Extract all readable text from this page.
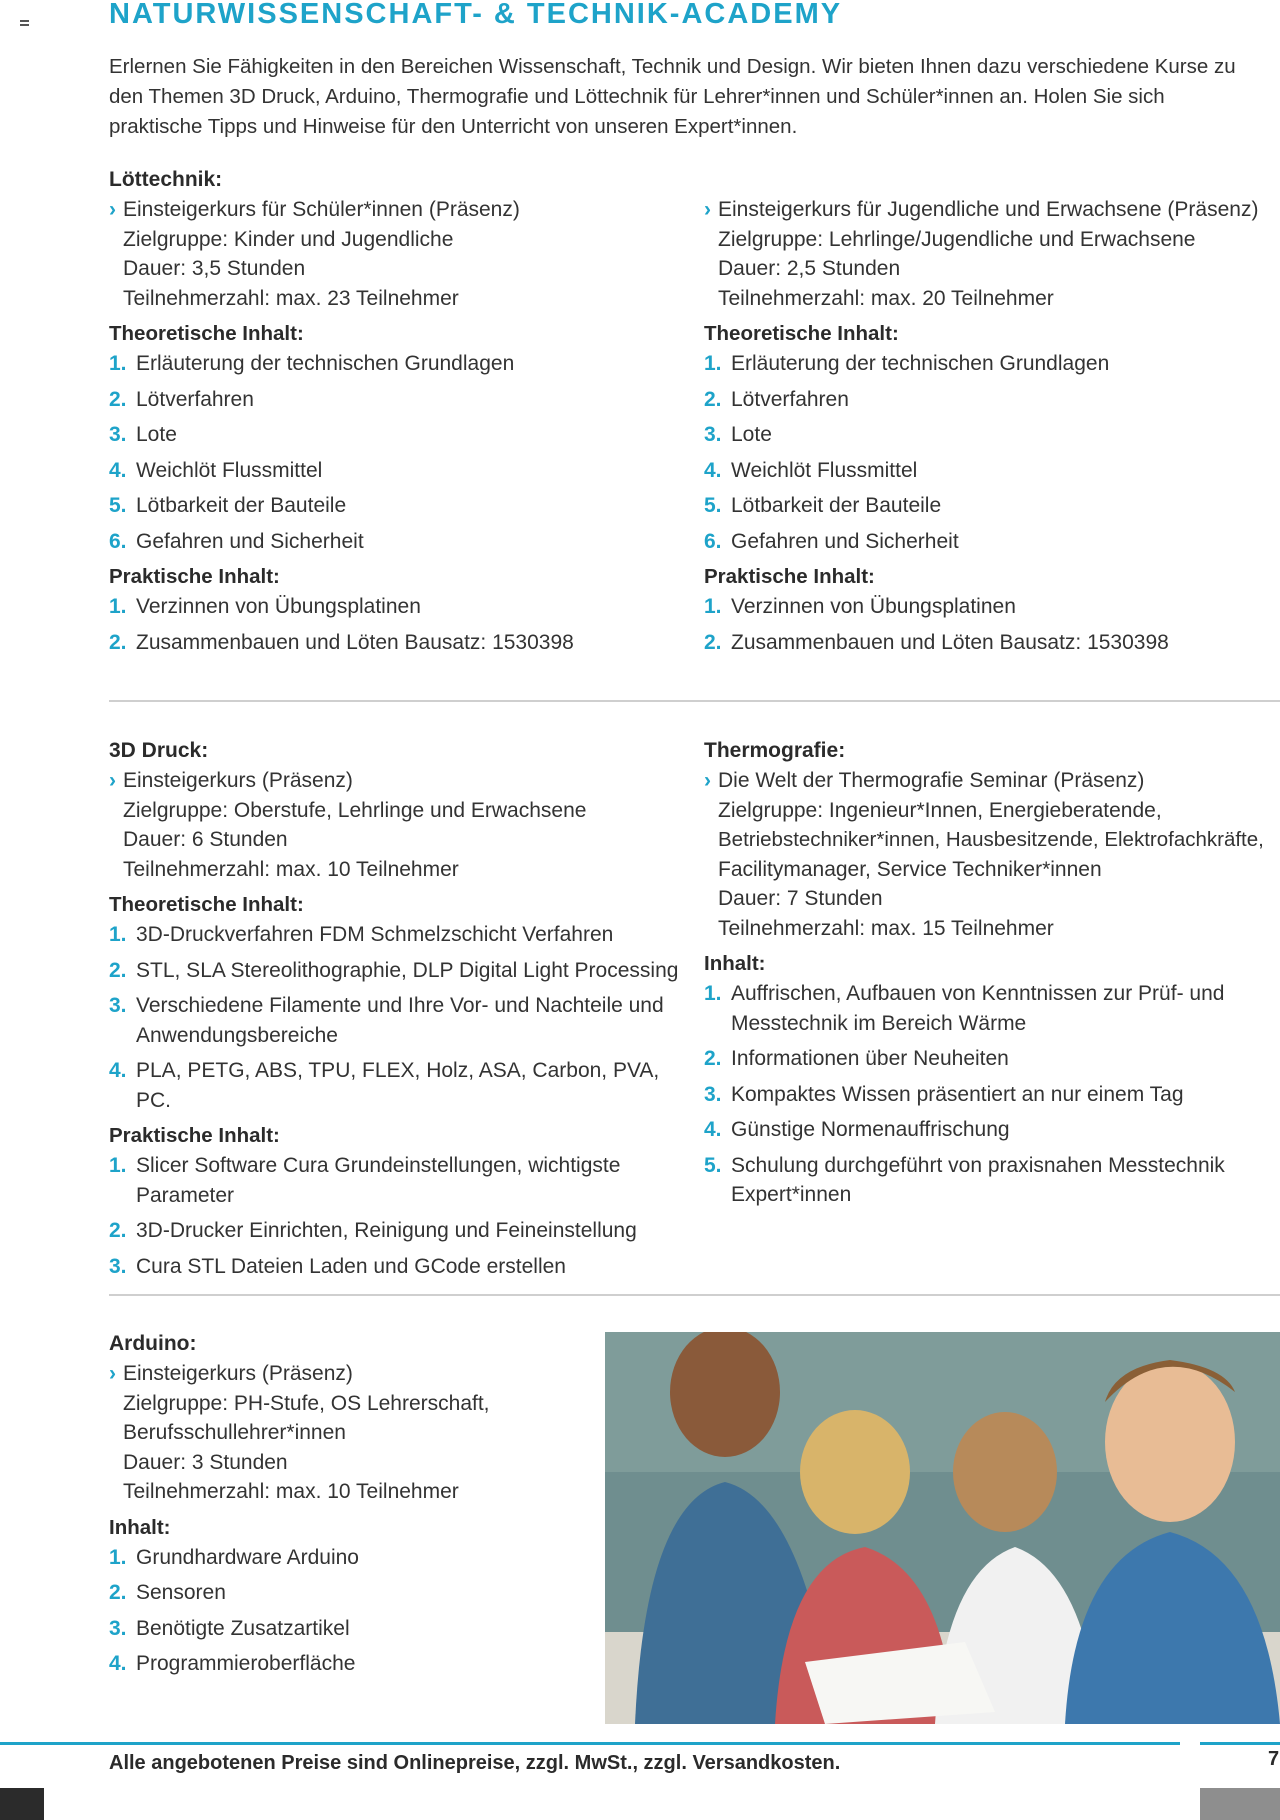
NATURWISSENSCHAFT- & TECHNIK-ACADEMY

Erlernen Sie Fähigkeiten in den Bereichen Wissenschaft, Technik und Design. Wir bieten Ihnen dazu verschiedene Kurse zu den Themen 3D Druck, Arduino, Thermografie und Löttechnik für Lehrer*innen und Schüler*innen an. Holen Sie sich praktische Tipps und Hinweise für den Unterricht von unseren Expert*innen.

Löttechnik:

› Einsteigerkurs für Schüler*innen (Präsenz)
Zielgruppe: Kinder und Jugendliche
Dauer: 3,5 Stunden
Teilnehmerzahl: max. 23 Teilnehmer

Theoretische Inhalt:

1. Erläuterung der technischen Grundlagen
2. Lötverfahren
3. Lote
4. Weichlöt Flussmittel
5. Lötbarkeit der Bauteile
6. Gefahren und Sicherheit

Praktische Inhalt:

1. Verzinnen von Übungsplatinen
2. Zusammenbauen und Löten Bausatz: 1530398
› Einsteigerkurs für Jugendliche und Erwachsene (Präsenz)
Zielgruppe: Lehrlinge/Jugendliche und Erwachsene
Dauer: 2,5 Stunden
Teilnehmerzahl: max. 20 Teilnehmer

Theoretische Inhalt:

1. Erläuterung der technischen Grundlagen
2. Lötverfahren
3. Lote
4. Weichlöt Flussmittel
5. Lötbarkeit der Bauteile
6. Gefahren und Sicherheit

Praktische Inhalt:

1. Verzinnen von Übungsplatinen
2. Zusammenbauen und Löten Bausatz: 1530398

3D Druck:

› Einsteigerkurs (Präsenz)
Zielgruppe: Oberstufe, Lehrlinge und Erwachsene
Dauer: 6 Stunden
Teilnehmerzahl: max. 10 Teilnehmer

Theoretische Inhalt:

1. 3D-Druckverfahren FDM Schmelzschicht Verfahren
2. STL, SLA Stereolithographie, DLP Digital Light Processing
3. Verschiedene Filamente und Ihre Vor- und Nachteile und Anwendungsbereiche
4. PLA, PETG, ABS, TPU, FLEX, Holz, ASA, Carbon, PVA, PC.

Praktische Inhalt:

1. Slicer Software Cura Grundeinstellungen, wichtigste Parameter
2. 3D-Drucker Einrichten, Reinigung und Feineinstellung
3. Cura STL Dateien Laden und GCode erstellen

Thermografie:

› Die Welt der Thermografie Seminar (Präsenz)
Zielgruppe: Ingenieur*Innen, Energieberatende,
Betriebstechniker*innen, Hausbesitzende, Elektrofachkräfte,
Facilitymanager, Service Techniker*innen
Dauer: 7 Stunden
Teilnehmerzahl: max. 15 Teilnehmer

Inhalt:

1. Auffrischen, Aufbauen von Kenntnissen zur Prüf- und Messtechnik im Bereich Wärme
2. Informationen über Neuheiten
3. Kompaktes Wissen präsentiert an nur einem Tag
4. Günstige Normenauffrischung
5. Schulung durchgeführt von praxisnahen Messtechnik Expert*innen

Arduino:

› Einsteigerkurs (Präsenz)
Zielgruppe: PH-Stufe, OS Lehrerschaft,
Berufsschullehrer*innen
Dauer: 3 Stunden
Teilnehmerzahl: max. 10 Teilnehmer

Inhalt:

1. Grundhardware Arduino
2. Sensoren
3. Benötigte Zusatzartikel
4. Programmieroberfläche

Alle angebotenen Preise sind Onlinepreise, zzgl. MwSt., zzgl. Versandkosten.	7
